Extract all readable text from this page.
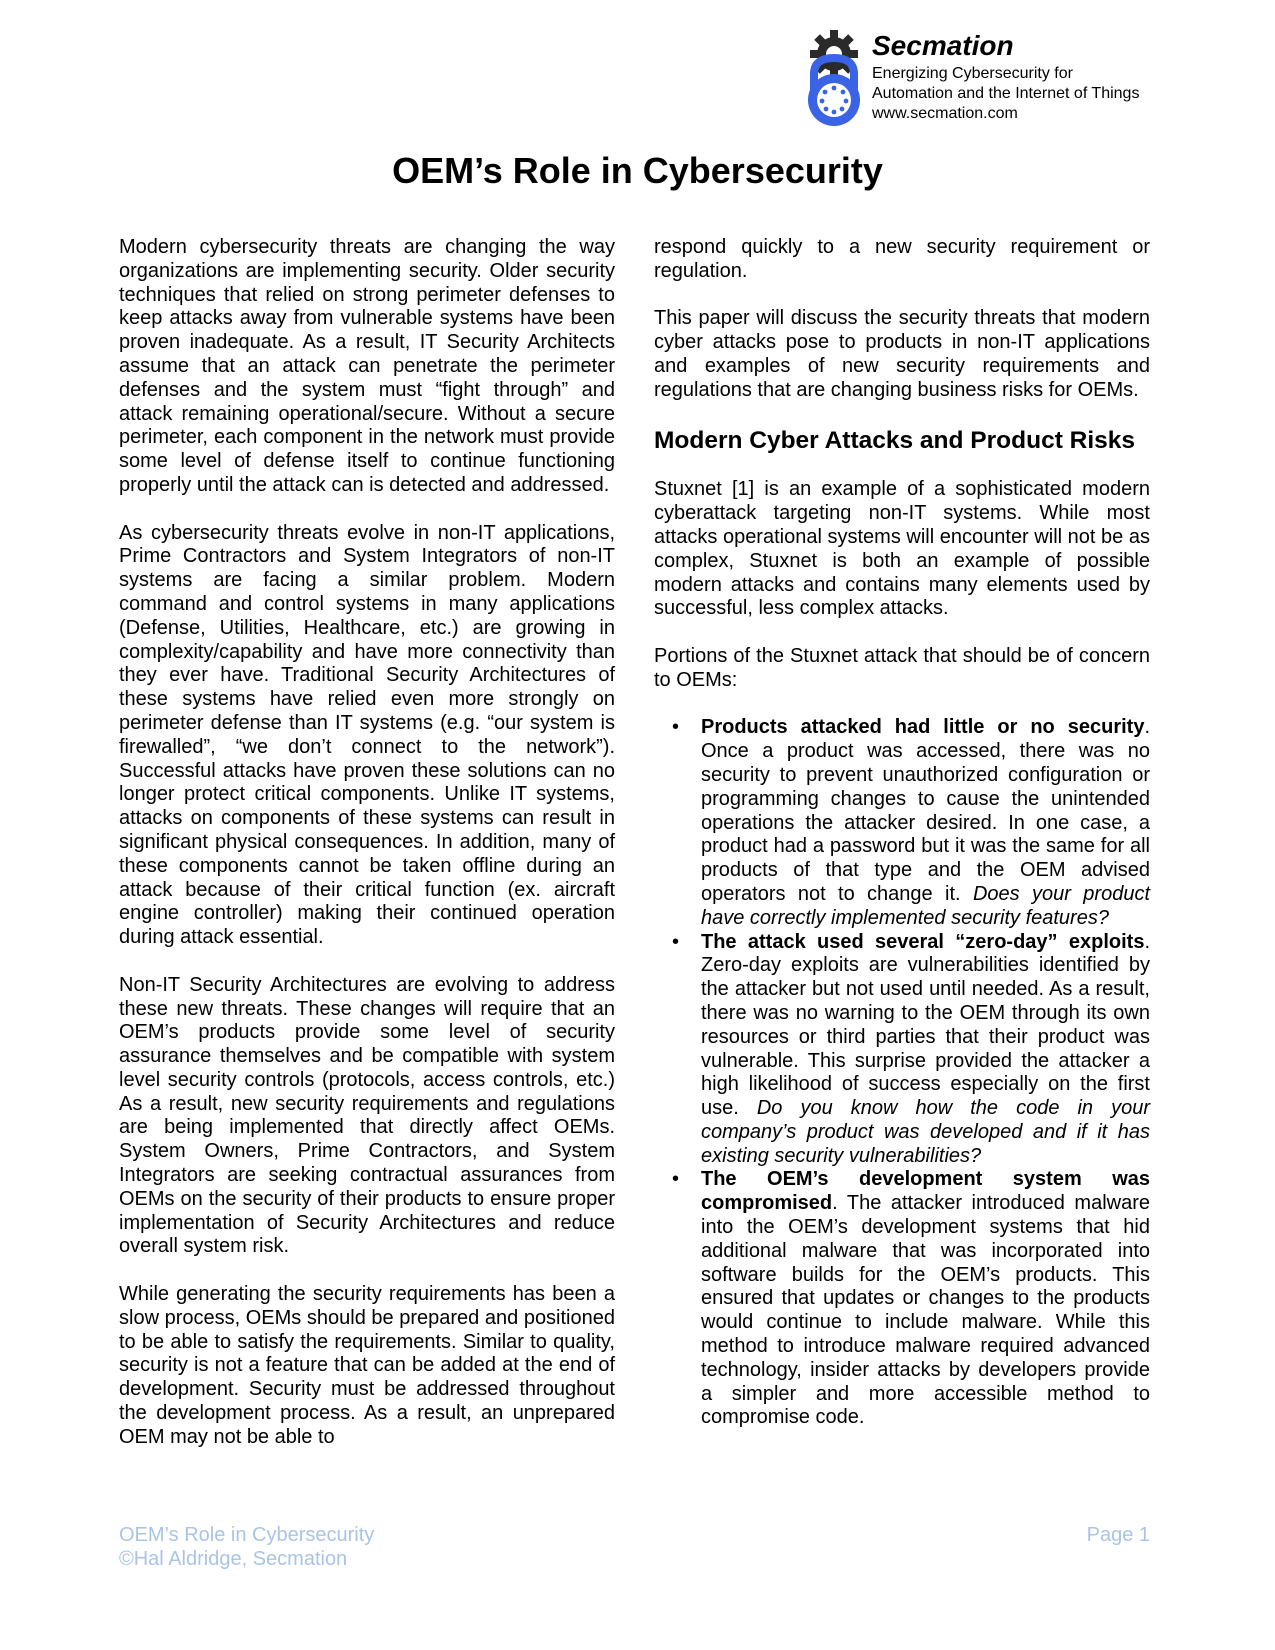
Secmation
Energizing Cybersecurity for
Automation and the Internet of Things
www.secmation.com
OEM’s Role in Cybersecurity

Modern cybersecurity threats are changing the way organizations are implementing security. Older security techniques that relied on strong perimeter defenses to keep attacks away from vulnerable systems have been proven inadequate. As a result, IT Security Architects assume that an attack can penetrate the perimeter defenses and the system must “fight through” and attack remaining operational/secure. Without a secure perimeter, each component in the network must provide some level of defense itself to continue functioning properly until the attack can is detected and addressed.

As cybersecurity threats evolve in non-IT applications, Prime Contractors and System Integrators of non-IT systems are facing a similar problem. Modern command and control systems in many applications (Defense, Utilities, Healthcare, etc.) are growing in complexity/capability and have more connectivity than they ever have. Traditional Security Architectures of these systems have relied even more strongly on perimeter defense than IT systems (e.g. “our system is firewalled”, “we don’t connect to the network”). Successful attacks have proven these solutions can no longer protect critical components. Unlike IT systems, attacks on components of these systems can result in significant physical consequences. In addition, many of these components cannot be taken offline during an attack because of their critical function (ex. aircraft engine controller) making their continued operation during attack essential.

Non-IT Security Architectures are evolving to address these new threats. These changes will require that an OEM’s products provide some level of security assurance themselves and be compatible with system level security controls (protocols, access controls, etc.) As a result, new security requirements and regulations are being implemented that directly affect OEMs. System Owners, Prime Contractors, and System Integrators are seeking contractual assurances from OEMs on the security of their products to ensure proper implementation of Security Architectures and reduce overall system risk.

While generating the security requirements has been a slow process, OEMs should be prepared and positioned to be able to satisfy the requirements. Similar to quality, security is not a feature that can be added at the end of development. Security must be addressed throughout the development process. As a result, an unprepared OEM may not be able to

respond quickly to a new security requirement or regulation.

This paper will discuss the security threats that modern cyber attacks pose to products in non-IT applications and examples of new security requirements and regulations that are changing business risks for OEMs.

Modern Cyber Attacks and Product Risks

Stuxnet [1] is an example of a sophisticated modern cyberattack targeting non-IT systems. While most attacks operational systems will encounter will not be as complex, Stuxnet is both an example of possible modern attacks and contains many elements used by successful, less complex attacks.

Portions of the Stuxnet attack that should be of concern to OEMs:

• Products attacked had little or no security. Once a product was accessed, there was no security to prevent unauthorized configuration or programming changes to cause the unintended operations the attacker desired. In one case, a product had a password but it was the same for all products of that type and the OEM advised operators not to change it. Does your product have correctly implemented security features?
• The attack used several “zero-day” exploits. Zero-day exploits are vulnerabilities identified by the attacker but not used until needed. As a result, there was no warning to the OEM through its own resources or third parties that their product was vulnerable. This surprise provided the attacker a high likelihood of success especially on the first use. Do you know how the code in your company’s product was developed and if it has existing security vulnerabilities?
• The OEM’s development system was compromised. The attacker introduced malware into the OEM’s development systems that hid additional malware that was incorporated into software builds for the OEM’s products. This ensured that updates or changes to the products would continue to include malware. While this method to introduce malware required advanced technology, insider attacks by developers provide a simpler and more accessible method to compromise code.
OEM’s Role in Cybersecurity
©Hal Aldridge, Secmation
Page 1
